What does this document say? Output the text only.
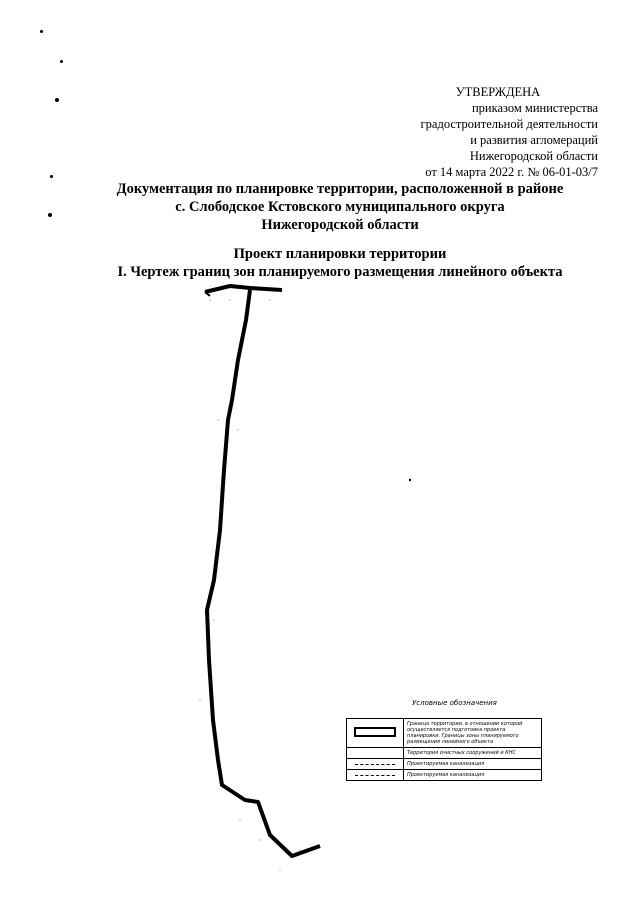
УТВЕРЖДЕНА
приказом министерства
градостроительной деятельности
и развития агломераций
Нижегородской области
от 14 марта 2022 г. № 06-01-03/7
Документация по планировке территории, расположенной в районе
с. Слободское Кстовского муниципального округа
Нижегородской области
Проект планировки территории
I. Чертеж границ зон планируемого размещения линейного объекта
Условные обозначения
	Граница территории, в отношении которой осуществляется подготовка проекта планировки. Границы зоны планируемого размещения линейного объекта
	Территория очистных сооружений и КНС
	Проектируемая канализация
	Проектируемая канализация
